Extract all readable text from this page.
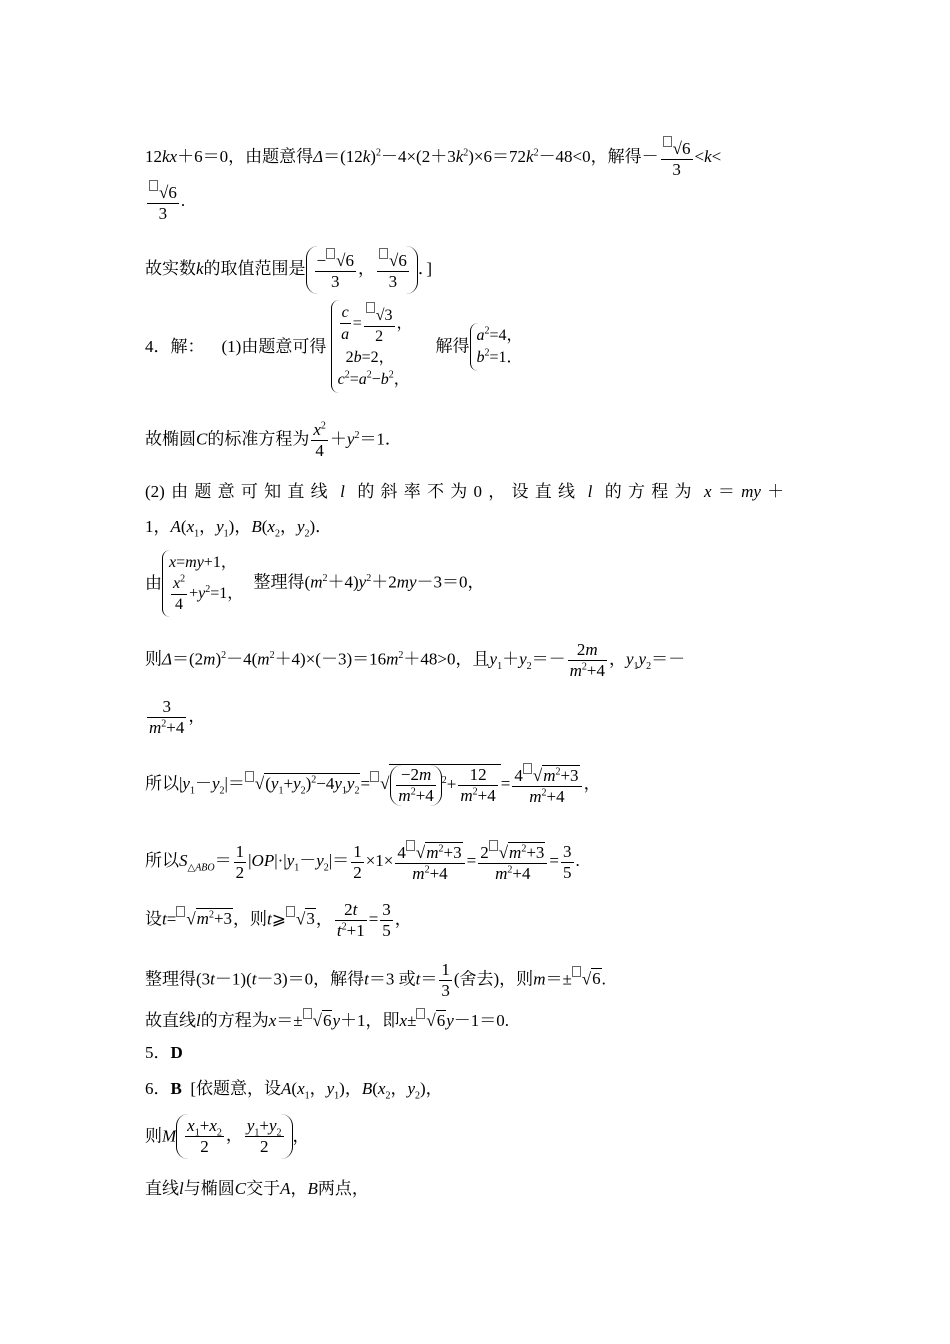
12kx＋6＝0，由题意得$\Delta=(12k)^2-4\times(2+3k^2)\times 6=72k^2-48<0$，解得－ $\frac{√6}{3} <k<$
$\frac{√6}{3}$ .
故实数k的取值范围是 $\frac{- √6}{3}$ ， $\frac{√6}{3}$ ．]
4．解： (1)由题意可得 $\frac{c}{a} = \frac{√3}{2}$ ，
2b=2，
$c^2=a^2-b^2$，
解得
$a^2=4$，
$b^2=1$．
故椭圆C的标准方程为 $\frac{x^2}{4} +y^2=1$．
(2) 由 题 意 可 知 直 线 l 的 斜 率 不 为 0 ， 设 直 线 l 的 方 程 为 x ＝ my ＋
1，$A(x_1$，$y_1$)，$B(x_2$，$y_2$)．
由
x=my+1，
$\frac{x^2}{4} +y^2=1$，
整理得$(m^2+4)y^2+2my-3=0$，
则$\Delta=(2m)^2-4(m^2+4)\times(-3)=16m^2+48>0$，且$y_1+y_2=- \frac{2m}{m^2+4}$ ，$y_1y_2=-$
$\frac{3}{m^2+4}$ ，
所以$|y_1-y_2|= √(y_1+y_2)^2-4y_1y_2=$ √ $\frac{-2m}{m^2+4} ^2+ \frac{12}{m^2+4} = \frac{4 √m^2+3}{m^2+4}$ ，
所以$S_{\triangle ABO}= \frac{1}{2} |OP|\cdot|y_1-y_2|= \frac{1}{2} \times 1\times \frac{4 √m^2+3}{m^2+4} = \frac{2 √m^2+3}{m^2+4} = \frac{3}{5}$ .
设$t= √m^2+3$，则t⩾ √3， $\frac{2t}{t^2+1} = \frac{3}{5}$ ，
整理得(3t－1)(t－3)＝0，解得t＝3 或$t= \frac{1}{3}$ (舍去)，则m＝± √6.
故直线l的方程为x＝± √6y＋1，即x± √6y－1＝0.
5．D
6．B [依题意，设$A(x_1$，$y_1$)，$B(x_2$，$y_2$)，
则M $\frac{x_1+x_2}{2}$ ， $\frac{y_1+y_2}{2}$ ，
直线l与椭圆C交于A，B两点，
